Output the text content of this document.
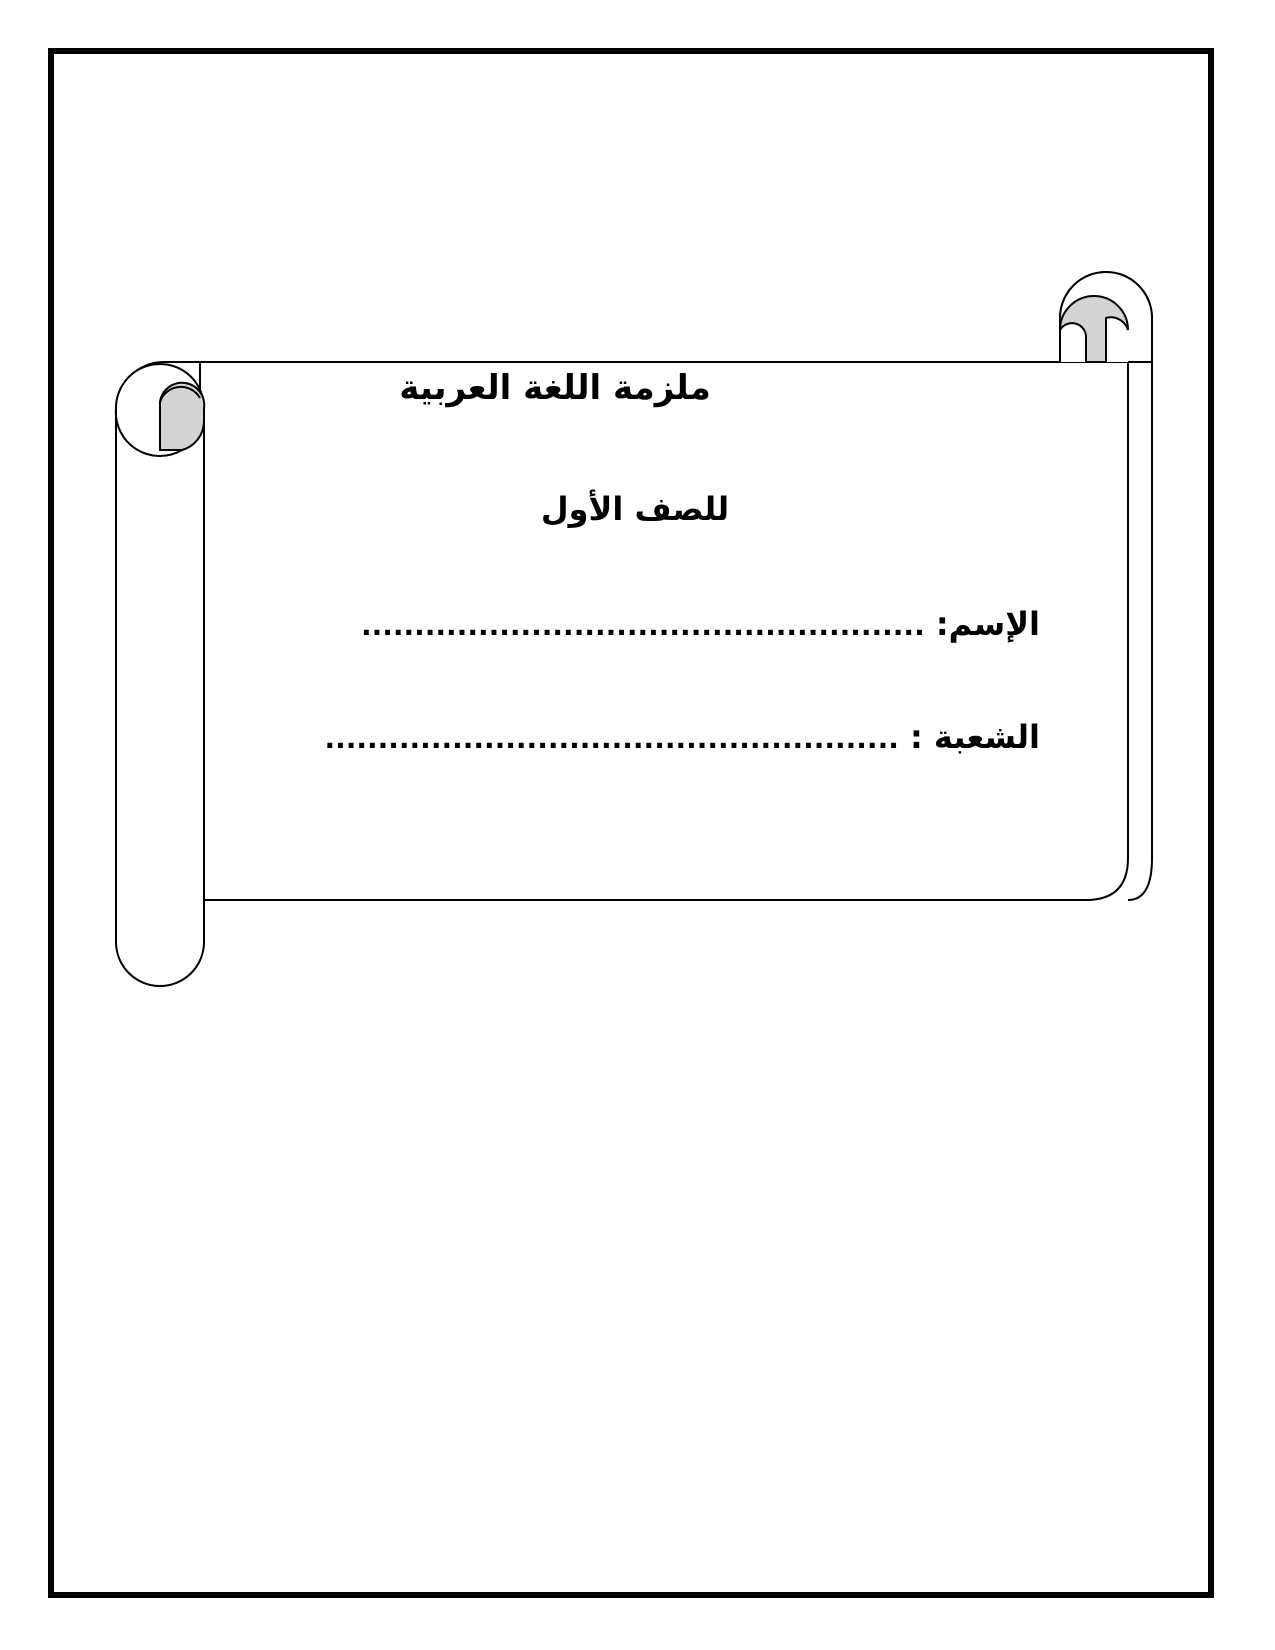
ملزمة اللغة العربية
للصف الأول
الإسم: .....................................................
الشعبة : ......................................................
